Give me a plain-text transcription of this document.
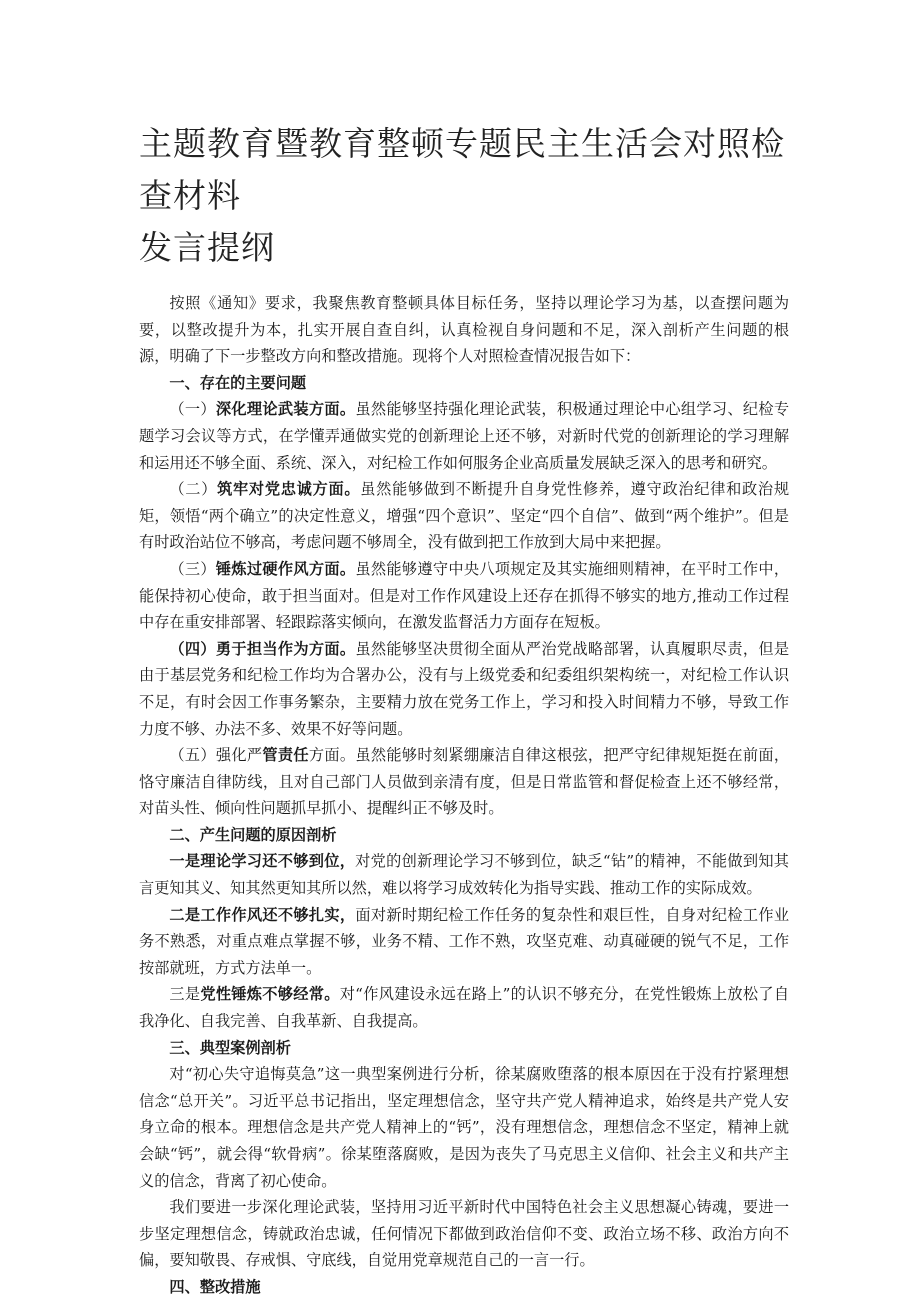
主题教育暨教育整顿专题民主生活会对照检查材料
发言提纲

按照《通知》要求，我聚焦教育整顿具体目标任务，坚持以理论学习为基，以查摆问题为要，以整改提升为本，扎实开展自查自纠，认真检视自身问题和不足，深入剖析产生问题的根源，明确了下一步整改方向和整改措施。现将个人对照检查情况报告如下：

一、存在的主要问题

（一）深化理论武装方面。虽然能够坚持强化理论武装，积极通过理论中心组学习、纪检专题学习会议等方式，在学懂弄通做实党的创新理论上还不够，对新时代党的创新理论的学习理解和运用还不够全面、系统、深入，对纪检工作如何服务企业高质量发展缺乏深入的思考和研究。

（二）筑牢对党忠诚方面。虽然能够做到不断提升自身党性修养，遵守政治纪律和政治规矩，领悟“两个确立”的决定性意义，增强“四个意识”、坚定“四个自信”、做到“两个维护”。但是有时政治站位不够高，考虑问题不够周全，没有做到把工作放到大局中来把握。

（三）锤炼过硬作风方面。虽然能够遵守中央八项规定及其实施细则精神，在平时工作中，能保持初心使命，敢于担当面对。但是对工作作风建设上还存在抓得不够实的地方,推动工作过程中存在重安排部署、轻跟踪落实倾向，在激发监督活力方面存在短板。

（四）勇于担当作为方面。虽然能够坚决贯彻全面从严治党战略部署，认真履职尽责，但是由于基层党务和纪检工作均为合署办公，没有与上级党委和纪委组织架构统一，对纪检工作认识不足，有时会因工作事务繁杂，主要精力放在党务工作上，学习和投入时间精力不够，导致工作力度不够、办法不多、效果不好等问题。

（五）强化严管责任方面。虽然能够时刻紧绷廉洁自律这根弦，把严守纪律规矩挺在前面，恪守廉洁自律防线，且对自己部门人员做到亲清有度，但是日常监管和督促检查上还不够经常，对苗头性、倾向性问题抓早抓小、提醒纠正不够及时。

二、产生问题的原因剖析

一是理论学习还不够到位，对党的创新理论学习不够到位，缺乏“钻”的精神，不能做到知其言更知其义、知其然更知其所以然，难以将学习成效转化为指导实践、推动工作的实际成效。

二是工作作风还不够扎实，面对新时期纪检工作任务的复杂性和艰巨性，自身对纪检工作业务不熟悉，对重点难点掌握不够，业务不精、工作不熟，攻坚克难、动真碰硬的锐气不足，工作按部就班，方式方法单一。

三是党性锤炼不够经常。对“作风建设永远在路上”的认识不够充分，在党性锻炼上放松了自我净化、自我完善、自我革新、自我提高。

三、典型案例剖析

对“初心失守追悔莫急”这一典型案例进行分析，徐某腐败堕落的根本原因在于没有拧紧理想信念“总开关”。习近平总书记指出，坚定理想信念，坚守共产党人精神追求，始终是共产党人安身立命的根本。理想信念是共产党人精神上的“钙”，没有理想信念，理想信念不坚定，精神上就会缺“钙”，就会得“软骨病”。徐某堕落腐败，是因为丧失了马克思主义信仰、社会主义和共产主义的信念，背离了初心使命。

我们要进一步深化理论武装，坚持用习近平新时代中国特色社会主义思想凝心铸魂，要进一步坚定理想信念，铸就政治忠诚，任何情况下都做到政治信仰不变、政治立场不移、政治方向不偏，要知敬畏、存戒惧、守底线，自觉用党章规范自己的一言一行。

四、整改措施
